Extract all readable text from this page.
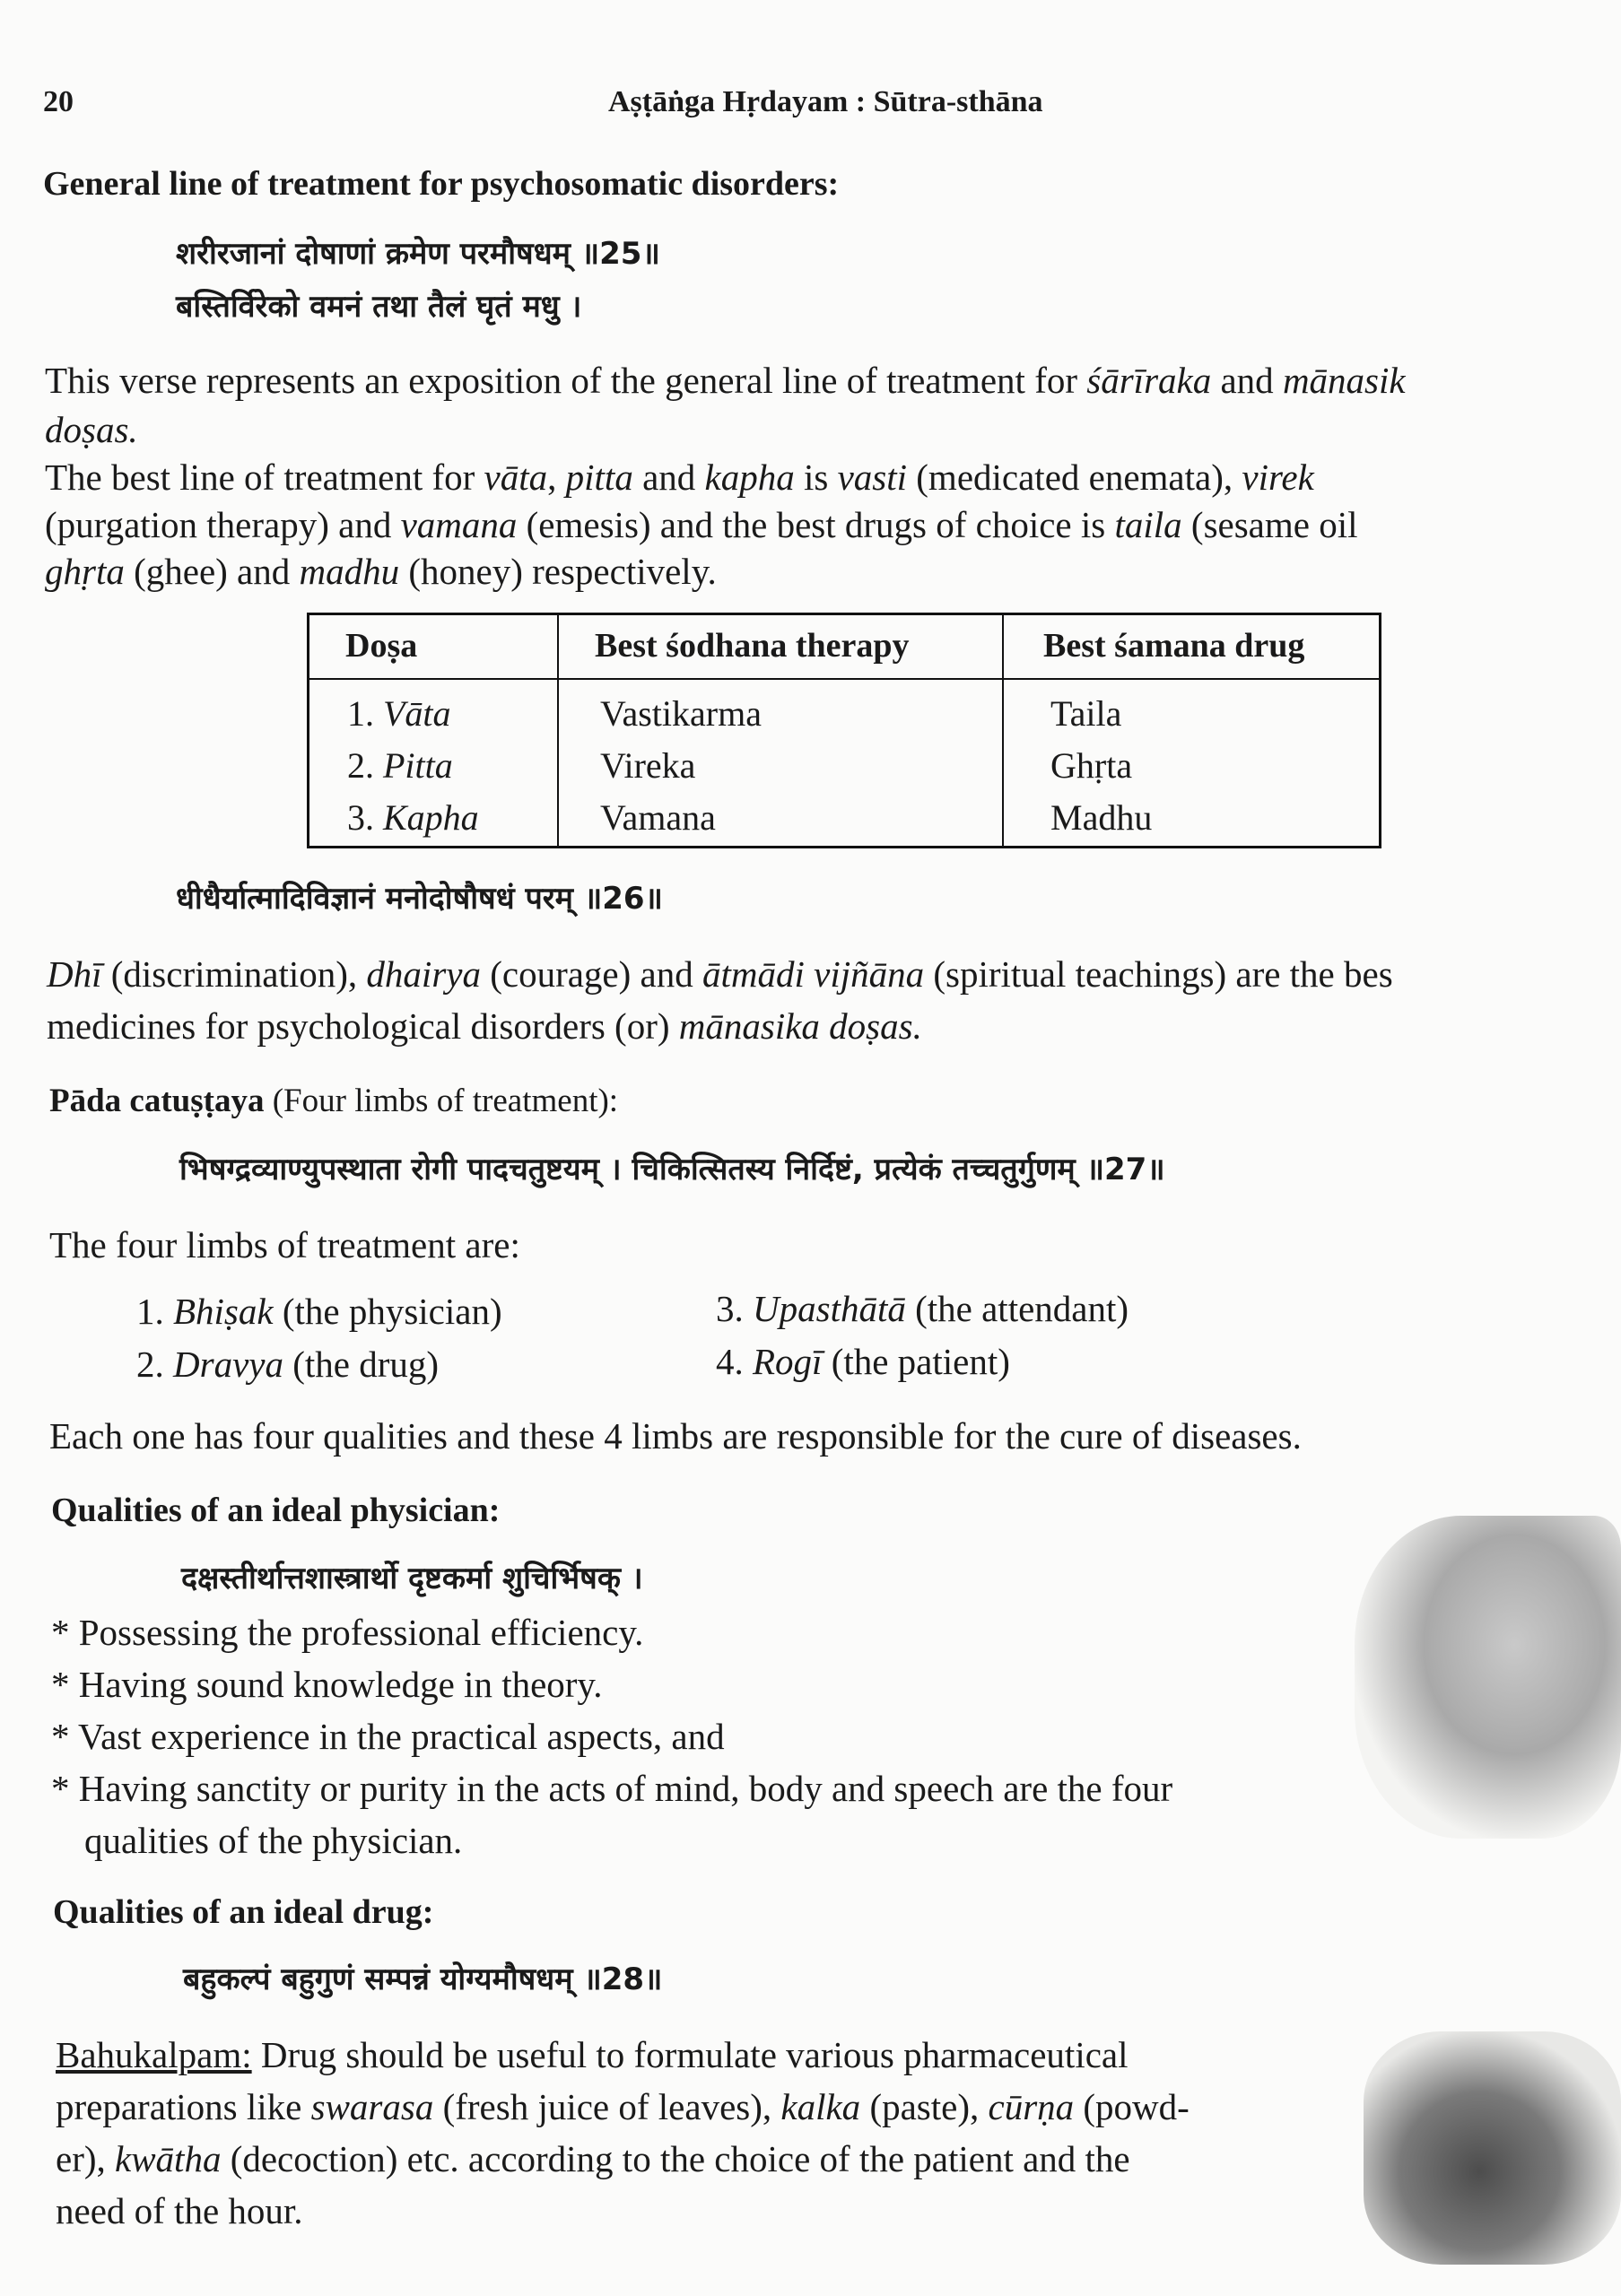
20	Aṣṭāṅga Hṛdayam : Sūtra-sthāna
General line of treatment for psychosomatic disorders:
शरीरजानां दोषाणां क्रमेण परमौषधम् ॥25॥
बस्तिर्विरेको वमनं तथा तैलं घृतं मधु ।
This verse represents an exposition of the general line of treatment for śārīraka and mānasik
doṣas.
The best line of treatment for vāta, pitta and kapha is vasti (medicated enemata), virek
(purgation therapy) and vamana (emesis) and the best drugs of choice is taila (sesame oil
ghṛta (ghee) and madhu (honey) respectively.
Doṣa	Best śodhana therapy	Best śamana drug
1. Vāta	Vastikarma	Taila
2. Pitta	Vireka	Ghṛta
3. Kapha	Vamana	Madhu
धीधैर्यात्मादिविज्ञानं मनोदोषौषधं परम् ॥26॥
Dhī (discrimination), dhairya (courage) and ātmādi vijñāna (spiritual teachings) are the bes
medicines for psychological disorders (or) mānasika doṣas.
Pāda catuṣṭaya (Four limbs of treatment):
भिषग्द्रव्याण्युपस्थाता रोगी पादचतुष्टयम् । चिकित्सितस्य निर्दिष्टं, प्रत्येकं तच्चतुर्गुणम् ॥27॥
The four limbs of treatment are:
1. Bhiṣak (the physician)
2. Dravya (the drug)
3. Upasthātā (the attendant)
4. Rogī (the patient)
Each one has four qualities and these 4 limbs are responsible for the cure of diseases.
Qualities of an ideal physician:
दक्षस्तीर्थात्तशास्त्रार्थो दृष्टकर्मा शुचिर्भिषक् ।
* Possessing the professional efficiency.
* Having sound knowledge in theory.
* Vast experience in the practical aspects, and
* Having sanctity or purity in the acts of mind, body and speech are the four
qualities of the physician.
Qualities of an ideal drug:
बहुकल्पं बहुगुणं सम्पन्नं योग्यमौषधम् ॥28॥
Bahukalpam: Drug should be useful to formulate various pharmaceutical
preparations like swarasa (fresh juice of leaves), kalka (paste), cūrṇa (powd-
er), kwātha (decoction) etc. according to the choice of the patient and the
need of the hour.
